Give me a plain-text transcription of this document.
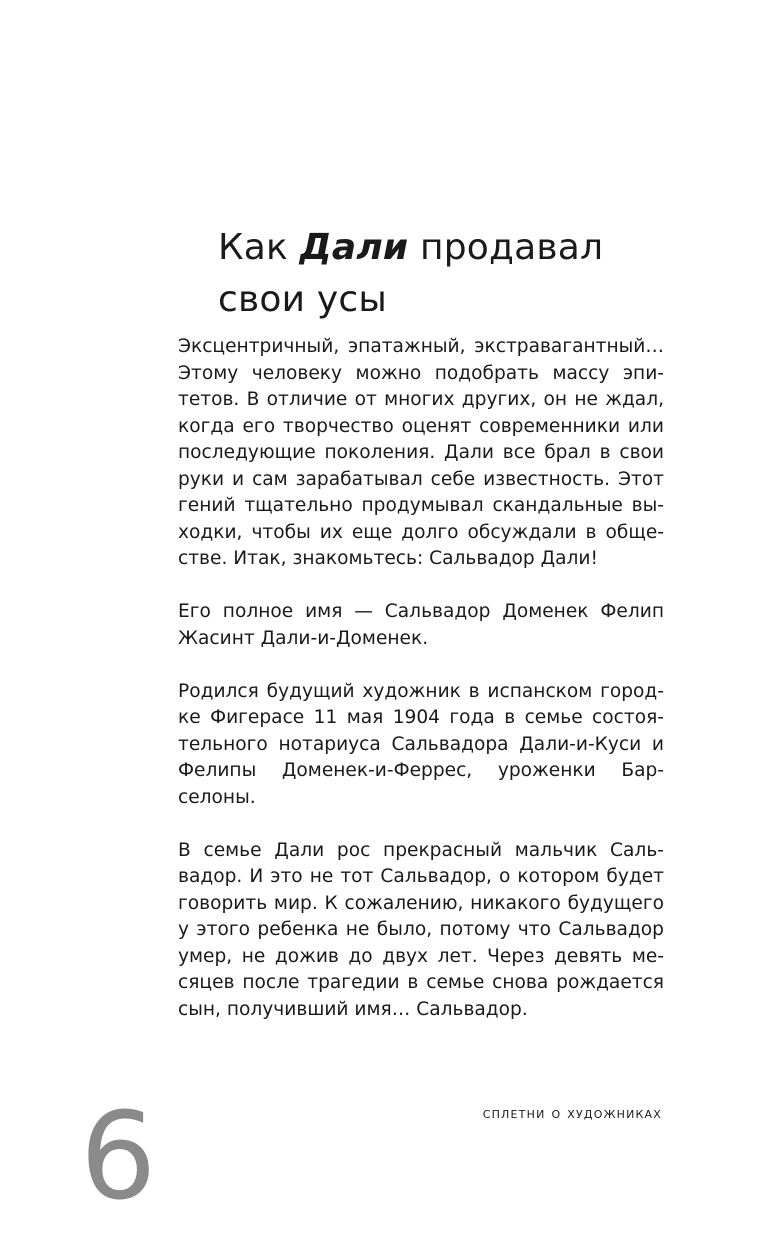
Как Дали продавал свои усы

Эксцентричный, эпатажный, экстравагантный… Этому человеку можно подобрать массу эпитетов. В отличие от многих других, он не ждал, когда его творчество оценят современники или последующие поколения. Дали все брал в свои руки и сам зарабатывал себе известность. Этот гений тщательно продумывал скандальные выходки, чтобы их еще долго обсуждали в обществе. Итак, знакомьтесь: Сальвадор Дали!

Его полное имя — Сальвадор Доменек Фелип Жасинт Дали-и-Доменек.

Родился будущий художник в испанском городке Фигерасе 11 мая 1904 года в семье состоятельного нотариуса Сальвадора Дали-и-Куси и Фелипы Доменек-и-Феррес, уроженки Барселоны.

В семье Дали рос прекрасный мальчик Сальвадор. И это не тот Сальвадор, о котором будет говорить мир. К сожалению, никакого будущего у этого ребенка не было, потому что Сальвадор умер, не дожив до двух лет. Через девять месяцев после трагедии в семье снова рождается сын, получивший имя… Сальвадор.

сплетни о художниках
6
